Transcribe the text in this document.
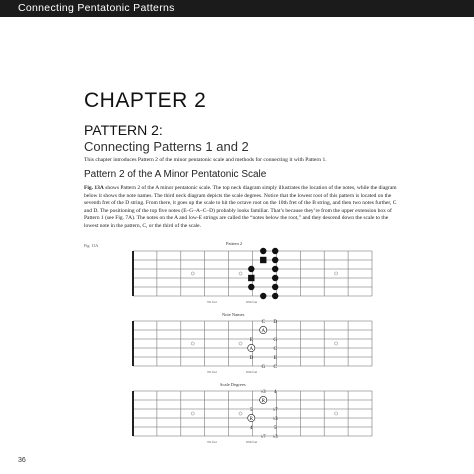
Connecting Pentatonic Patterns
CHAPTER 2
PATTERN 2:
Connecting Patterns 1 and 2
This chapter introduces Pattern 2 of the minor pentatonic scale and methods for connecting it with Pattern 1.
Pattern 2 of the A Minor Pentatonic Scale
Fig. 13A shows Pattern 2 of the A minor pentatonic scale. The top neck diagram simply illustrates the location of the notes, while the diagram below it shows the note names. The third neck diagram depicts the scale degrees. Notice that the lowest root of this pattern is located on the seventh fret of the D string. From there, it goes up the scale to hit the octave root on the 10th fret of the B string, and then two notes further, C and D. The positioning of the top five notes (E–G–A–C–D) probably looks familiar. That’s because they’re from the upper extension box of Pattern 1 (see Fig. 7A). The notes on the A and low-E strings are called the “notes below the root,” and they descend down the scale to the lowest note in the pattern, C, or the third of the scale.
Fig. 13A	Pattern 2
Note Names
Scale Degrees
7th fret	10th fret
C D
A
E	G
A	C
D	E
G C
7th fret	10th fret
♭3 4
R
5	♭7
R	♭3
4	5
♭7 ♭3
7th fret	10th fret
36
